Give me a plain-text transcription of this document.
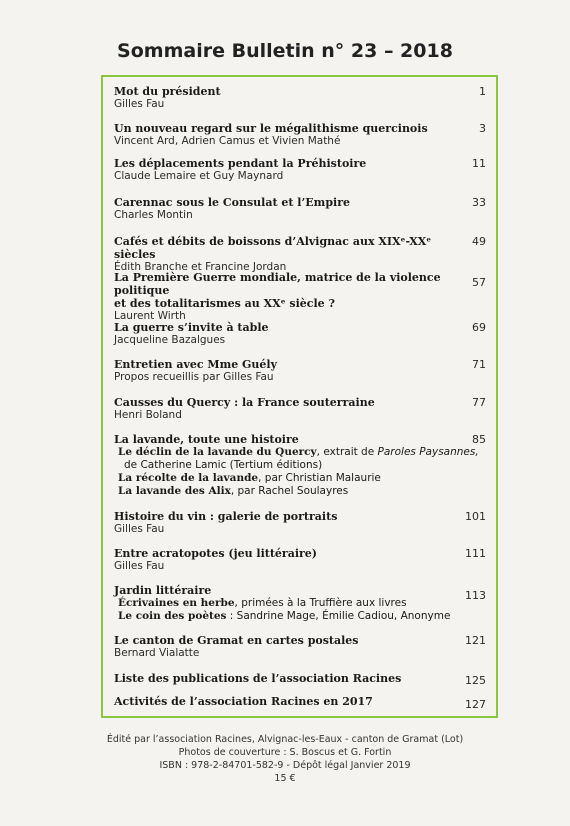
Sommaire Bulletin n° 23 – 2018
Mot du président
Gilles Fau
1
Un nouveau regard sur le mégalithisme quercinois
Vincent Ard, Adrien Camus et Vivien Mathé
3
Les déplacements pendant la Préhistoire
Claude Lemaire et Guy Maynard
11
Carennac sous le Consulat et l’Empire
Charles Montin
33
Cafés et débits de boissons d’Alvignac aux XIXᵉ-XXᵉ siècles
Édith Branche et Francine Jordan
49
La Première Guerre mondiale, matrice de la violence politique
et des totalitarismes au XXᵉ siècle ?
Laurent Wirth
57
La guerre s’invite à table
Jacqueline Bazalgues
69
Entretien avec Mme Guély
Propos recueillis par Gilles Fau
71
Causses du Quercy : la France souterraine
Henri Boland
77
La lavande, toute une histoire
Le déclin de la lavande du Quercy, extrait de Paroles Paysannes,
de Catherine Lamic (Tertium éditions)
La récolte de la lavande, par Christian Malaurie
La lavande des Alix, par Rachel Soulayres
85
Histoire du vin : galerie de portraits
Gilles Fau
101
Entre acratopotes (jeu littéraire)
Gilles Fau
111
Jardin littéraire
Écrivaines en herbe, primées à la Truffière aux livres
Le coin des poètes : Sandrine Mage, Émilie Cadiou, Anonyme
113
Le canton de Gramat en cartes postales
Bernard Vialatte
121
Liste des publications de l’association Racines	125
Activités de l’association Racines en 2017	127
Édité par l’association Racines, Alvignac-les-Eaux - canton de Gramat (Lot)
Photos de couverture : S. Boscus et G. Fortin
ISBN : 978-2-84701-582-9 - Dépôt légal Janvier 2019
15 €
